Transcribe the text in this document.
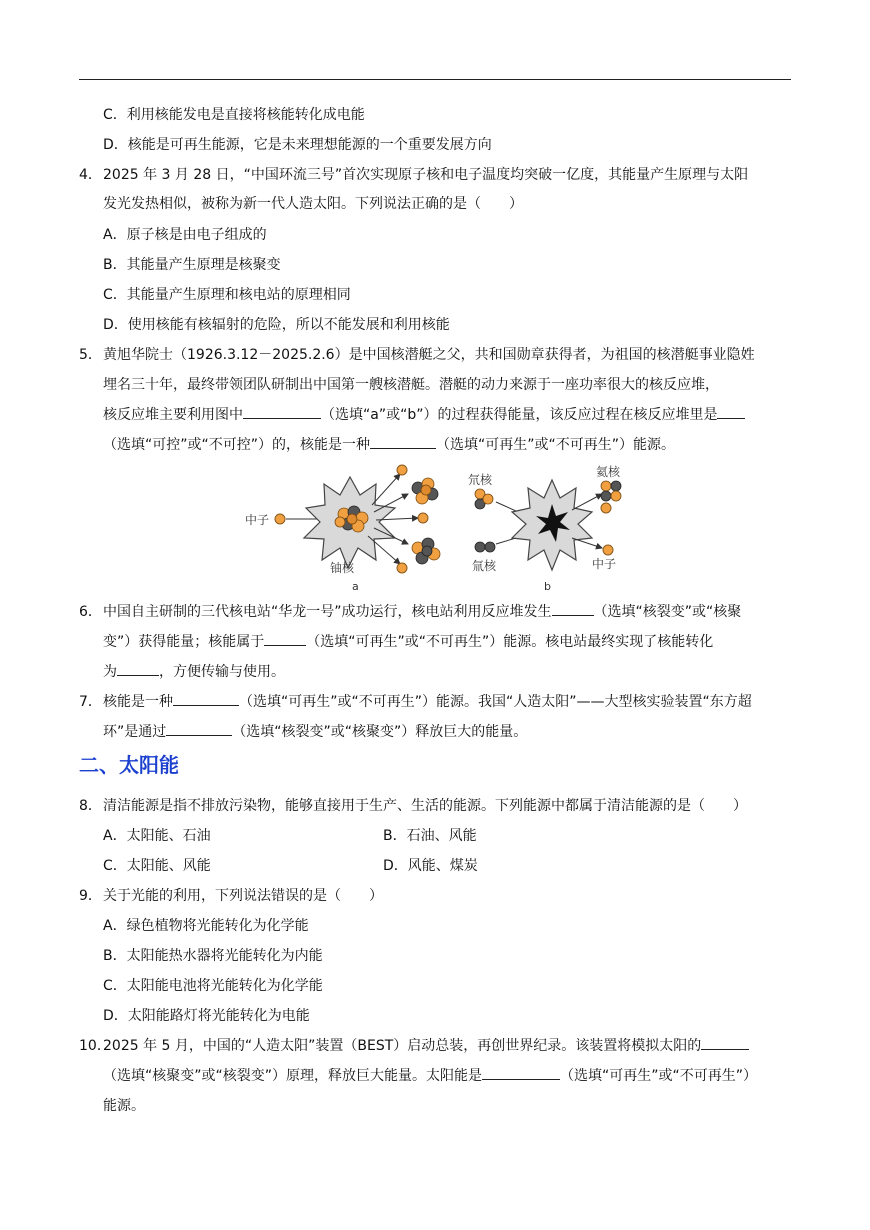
C．利用核能发电是直接将核能转化成电能
D．核能是可再生能源，它是未来理想能源的一个重要发展方向
4． 2025 年 3 月 28 日，“中国环流三号”首次实现原子核和电子温度均突破一亿度，其能量产生原理与太阳
发光发热相似，被称为新一代人造太阳。下列说法正确的是（　　）
A．原子核是由电子组成的
B．其能量产生原理是核聚变
C．其能量产生原理和核电站的原理相同
D．使用核能有核辐射的危险，所以不能发展和利用核能
5． 黄旭华院士（1926.3.12－2025.2.6）是中国核潜艇之父，共和国勋章获得者，为祖国的核潜艇事业隐姓
埋名三十年，最终带领团队研制出中国第一艘核潜艇。潜艇的动力来源于一座功率很大的核反应堆，
核反应堆主要利用图中	（选填“a”或“b”）的过程获得能量，该反应过程在核反应堆里是
（选填“可控”或“不可控”）的，核能是一种	（选填“可再生”或“不可再生”）能源。
中子
铀核
a
氘核
氚核
氦核
中子
b
6． 中国自主研制的三代核电站“华龙一号”成功运行，核电站利用反应堆发生	（选填“核裂变”或“核聚
变”）获得能量；核能属于	（选填“可再生”或“不可再生”）能源。核电站最终实现了核能转化
为	，方便传输与使用。
7． 核能是一种	（选填“可再生”或“不可再生”）能源。我国“人造太阳”——大型核实验装置“东方超
环”是通过	（选填“核裂变”或“核聚变”）释放巨大的能量。
二、太阳能
8． 清洁能源是指不排放污染物，能够直接用于生产、生活的能源。下列能源中都属于清洁能源的是（　　）
A．太阳能、石油	B．石油、风能
C．太阳能、风能	D．风能、煤炭
9． 关于光能的利用，下列说法错误的是（　　）
A．绿色植物将光能转化为化学能
B．太阳能热水器将光能转化为内能
C．太阳能电池将光能转化为化学能
D．太阳能路灯将光能转化为电能
10．
2025 年 5 月，中国的“人造太阳”装置（BEST）启动总装，再创世界纪录。该装置将模拟太阳的
（选填“核聚变”或“核裂变”）原理，释放巨大能量。太阳能是	（选填“可再生”或“不可再生”）
能源。
